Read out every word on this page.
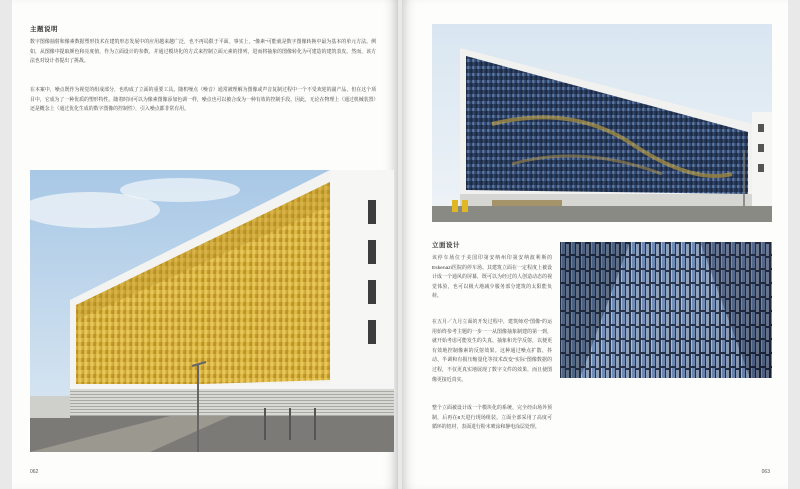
主题说明

数字图像抽射和像素数据塑形技术在建筑形态发展中的应用越来越广泛，也不再局限于平面。事实上，“像素”可能就是数字图像转换中最为基本的单元方法。例如，从图像中提取颜色和亮度值，作为立面设计的参数，并通过模块化的方式来控制立面元素的排列，进而将抽象的图像转化为可建造的建筑表皮。然而，该方法也对设计者提出了挑战。

在本案中，噪点既作为视觉的组成部分，也构成了立面的重要工具。随机噪点（噪音）通常被理解为图像或声音复制过程中一个不受欢迎的副产品，但在这个项目中，它成为了一种优质的塑形特性。随着时间可以为像素图像添加色调一样，噪点也可以被合成为一种有效的控制手段。因此，无论在物理上（通过机械装置）还是概念上（通过优化生成的数字图像的控制性），引入噪点都非常有用。

062
立面设计

该停车场位于美国印第安纳州印第安纳波利斯的Eskenazi医院的停车场。其建筑立面在一定程度上被设计成一个通风的屏幕，既可以为经过的人创造动态的视觉体验，也可以极大地减少服务部分建筑的太阳能负荷。

在五月／九月立面的开发过程中，建筑师对“图像”的运用始终参考主题的一步一一从图像抽象制建的第一到，就开始考虑可能发生的失真、抽象和光学反射，以便更有效地控制像素的反射效果。这种通过噪点扩散、抖动、半调和有损压缩量化等技术改变“实际”图像数据的过程，不仅更真实地展现了数字文件的效果，而且使图像更接近真实。

整个立面被设计成一个模块化的系统，完全经由场外预制，后再在8天进行现场组装。立面全部采用了高度可循环的铝材，表面进行粉末喷涂和静电涂层处理。

063
